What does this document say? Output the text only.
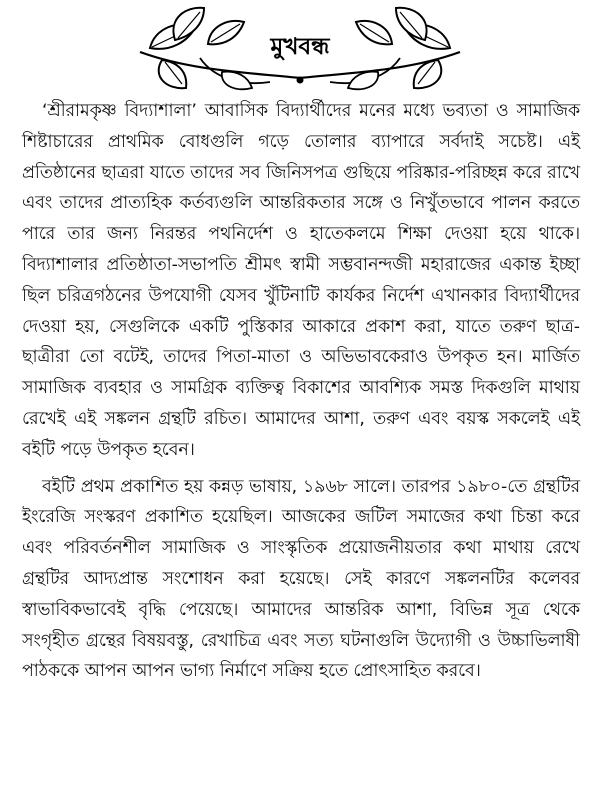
মুখবন্ধ

‘শ্রীরামকৃষ্ণ বিদ্যাশালা’ আবাসিক বিদ্যার্থীদের মনের মধ্যে ভব্যতা ও সামাজিক শিষ্টাচারের প্রাথমিক বোধগুলি গড়ে তোলার ব্যাপারে সর্বদাই সচেষ্ট। এই প্রতিষ্ঠানের ছাত্ররা যাতে তাদের সব জিনিসপত্র গুছিয়ে পরিষ্কার-পরিচ্ছন্ন করে রাখে এবং তাদের প্রাত্যহিক কর্তব্যগুলি আন্তরিকতার সঙ্গে ও নিখুঁতভাবে পালন করতে পারে তার জন্য নিরন্তর পথনির্দেশ ও হাতেকলমে শিক্ষা দেওয়া হয়ে থাকে। বিদ্যাশালার প্রতিষ্ঠাতা-সভাপতি শ্রীমৎ স্বামী সম্ভবানন্দজী মহারাজের একান্ত ইচ্ছা ছিল চরিত্রগঠনের উপযোগী যেসব খুঁটিনাটি কার্যকর নির্দেশ এখানকার বিদ্যার্থীদের দেওয়া হয়, সেগুলিকে একটি পুস্তিকার আকারে প্রকাশ করা, যাতে তরুণ ছাত্র-ছাত্রীরা তো বটেই, তাদের পিতা-মাতা ও অভিভাবকেরাও উপকৃত হন। মার্জিত সামাজিক ব্যবহার ও সামগ্রিক ব্যক্তিত্ব বিকাশের আবশ্যিক সমস্ত দিকগুলি মাথায় রেখেই এই সঙ্কলন গ্রন্থটি রচিত। আমাদের আশা, তরুণ এবং বয়স্ক সকলেই এই বইটি পড়ে উপকৃত হবেন।

বইটি প্রথম প্রকাশিত হয় কন্নড় ভাষায়, ১৯৬৮ সালে। তারপর ১৯৮০-তে গ্রন্থটির ইংরেজি সংস্করণ প্রকাশিত হয়েছিল। আজকের জটিল সমাজের কথা চিন্তা করে এবং পরিবর্তনশীল সামাজিক ও সাংস্কৃতিক প্রয়োজনীয়তার কথা মাথায় রেখে গ্রন্থটির আদ্যপ্রান্ত সংশোধন করা হয়েছে। সেই কারণে সঙ্কলনটির কলেবর স্বাভাবিকভাবেই বৃদ্ধি পেয়েছে। আমাদের আন্তরিক আশা, বিভিন্ন সূত্র থেকে সংগৃহীত গ্রন্থের বিষয়বস্তু, রেখাচিত্র এবং সত্য ঘটনাগুলি উদ্যোগী ও উচ্চাভিলাষী পাঠককে আপন আপন ভাগ্য নির্মাণে সক্রিয় হতে প্রোৎসাহিত করবে।
